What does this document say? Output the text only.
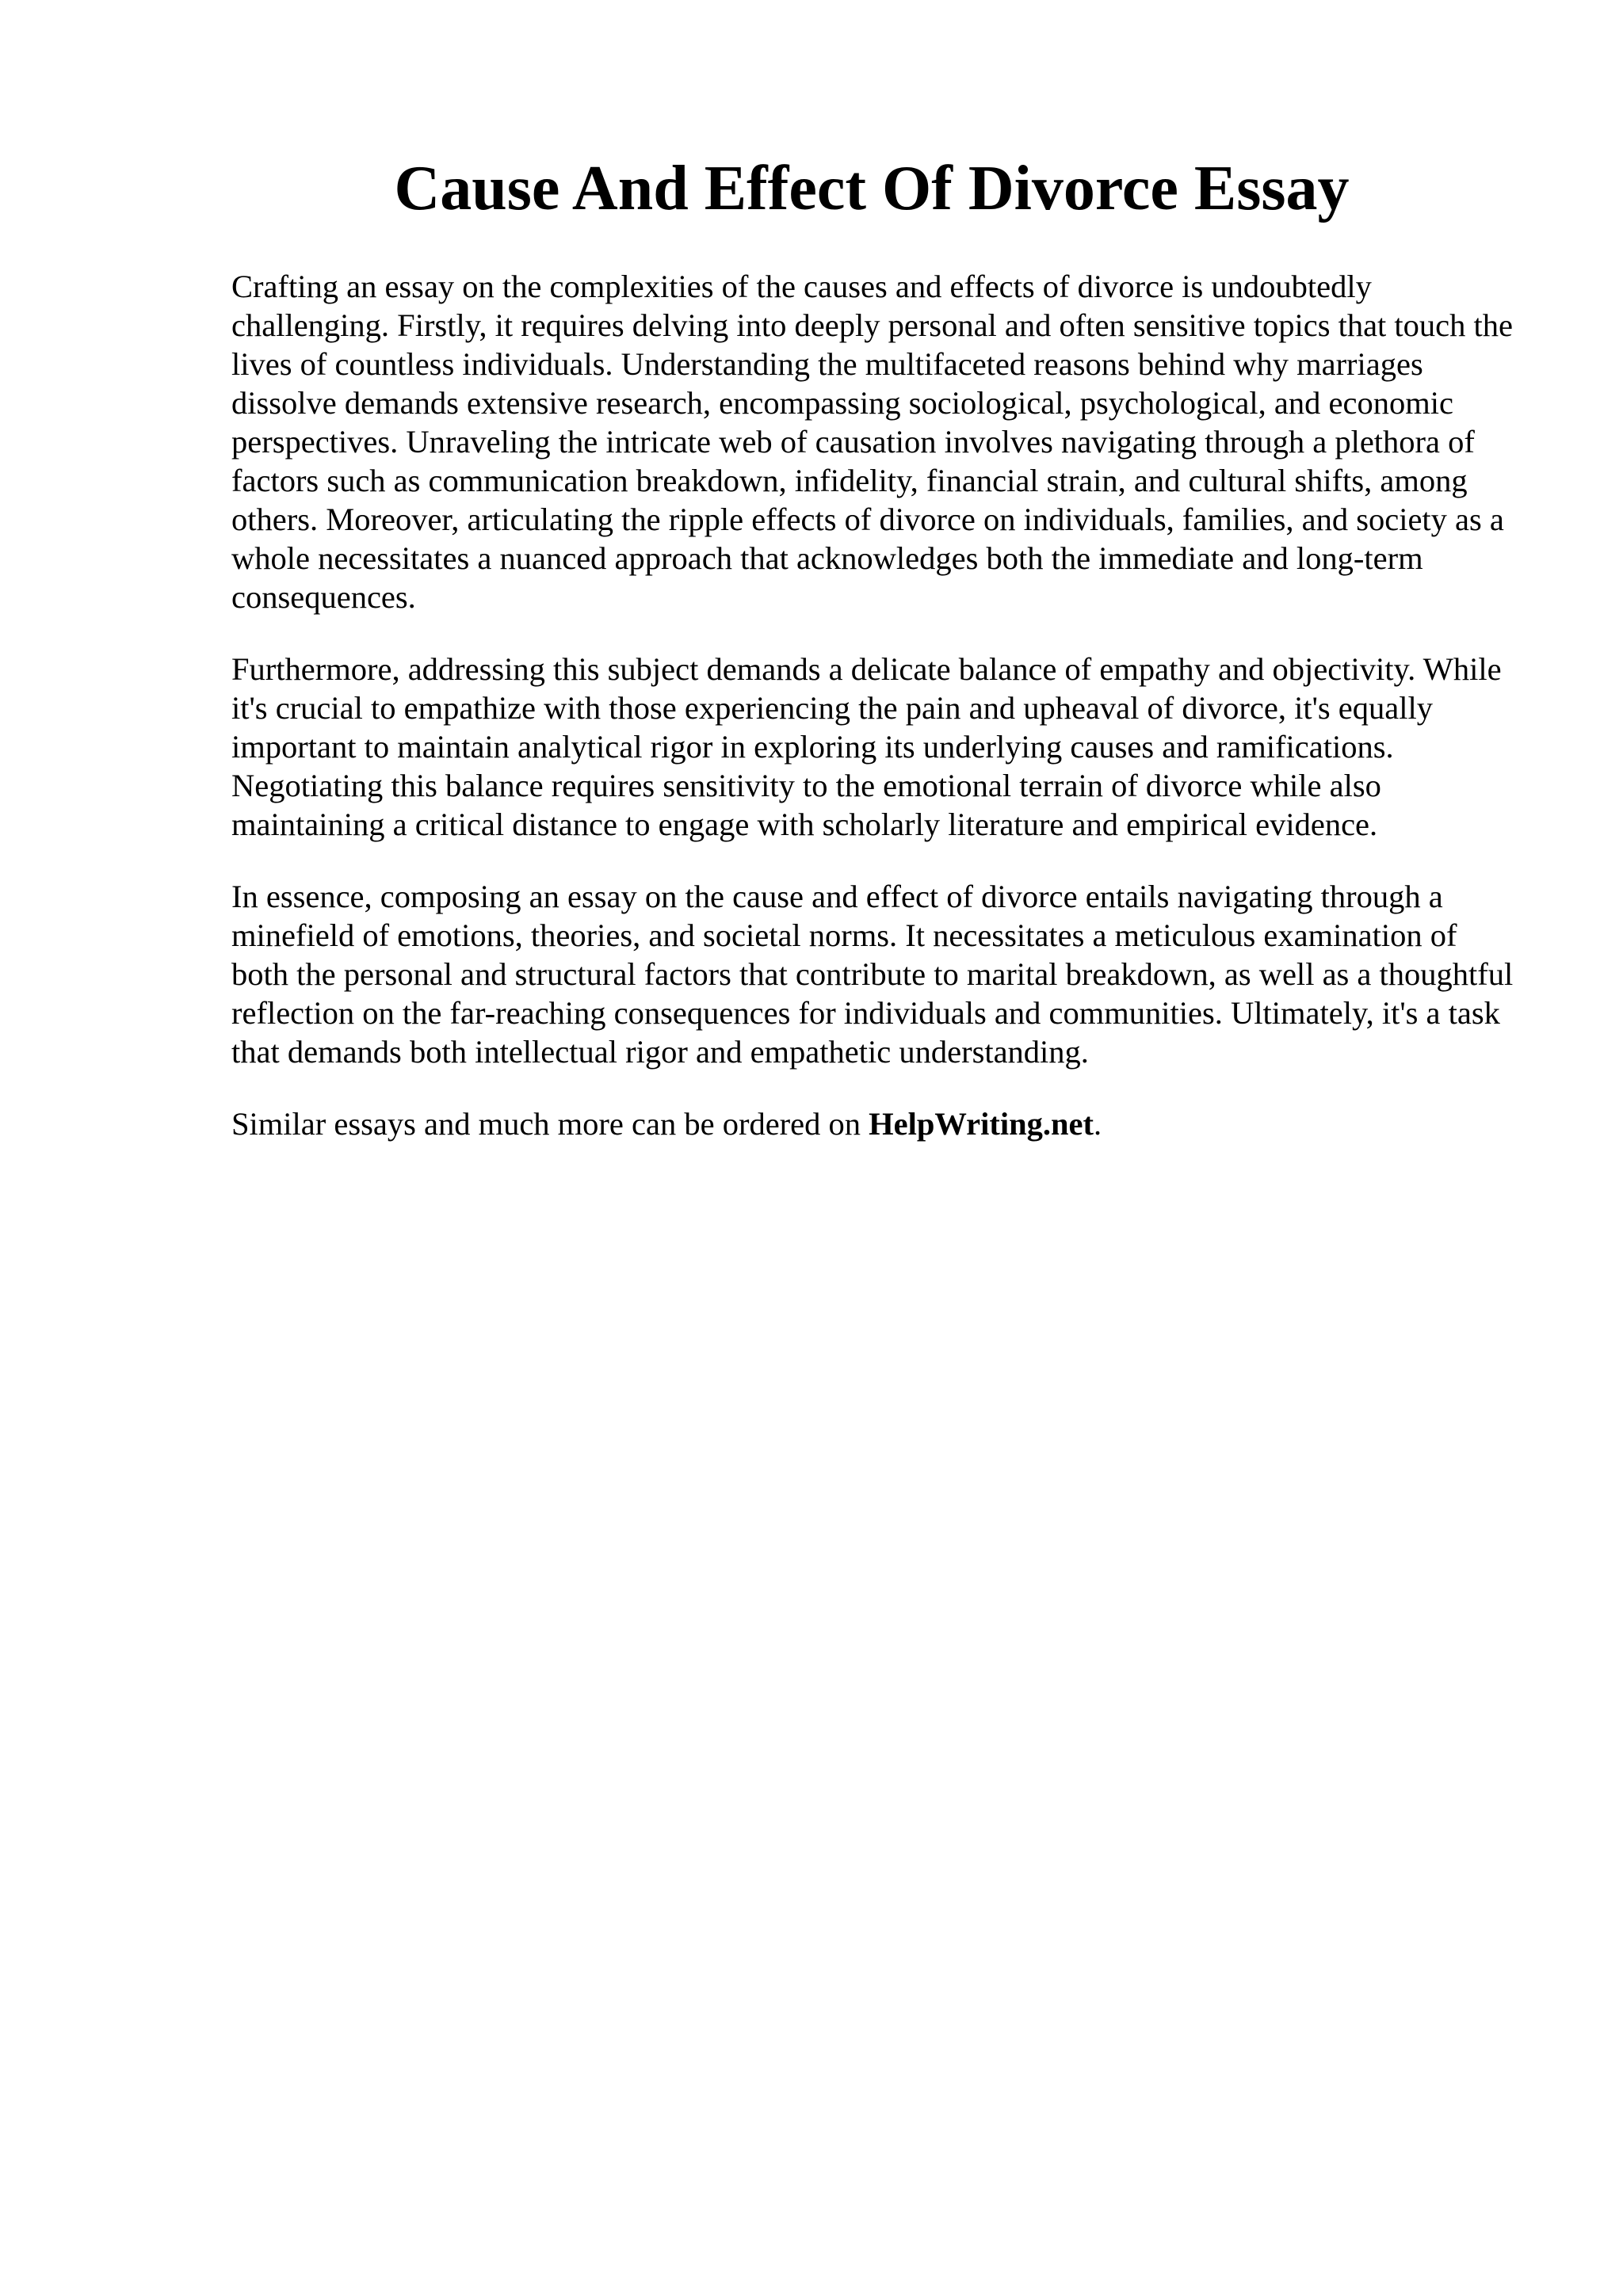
Cause And Effect Of Divorce Essay

Crafting an essay on the complexities of the causes and effects of divorce is undoubtedly challenging. Firstly, it requires delving into deeply personal and often sensitive topics that touch the lives of countless individuals. Understanding the multifaceted reasons behind why marriages dissolve demands extensive research, encompassing sociological, psychological, and economic perspectives. Unraveling the intricate web of causation involves navigating through a plethora of factors such as communication breakdown, infidelity, financial strain, and cultural shifts, among others. Moreover, articulating the ripple effects of divorce on individuals, families, and society as a whole necessitates a nuanced approach that acknowledges both the immediate and long-term consequences.

Furthermore, addressing this subject demands a delicate balance of empathy and objectivity. While it's crucial to empathize with those experiencing the pain and upheaval of divorce, it's equally important to maintain analytical rigor in exploring its underlying causes and ramifications. Negotiating this balance requires sensitivity to the emotional terrain of divorce while also maintaining a critical distance to engage with scholarly literature and empirical evidence.

In essence, composing an essay on the cause and effect of divorce entails navigating through a minefield of emotions, theories, and societal norms. It necessitates a meticulous examination of both the personal and structural factors that contribute to marital breakdown, as well as a thoughtful reflection on the far-reaching consequences for individuals and communities. Ultimately, it's a task that demands both intellectual rigor and empathetic understanding.

Similar essays and much more can be ordered on HelpWriting.net.
